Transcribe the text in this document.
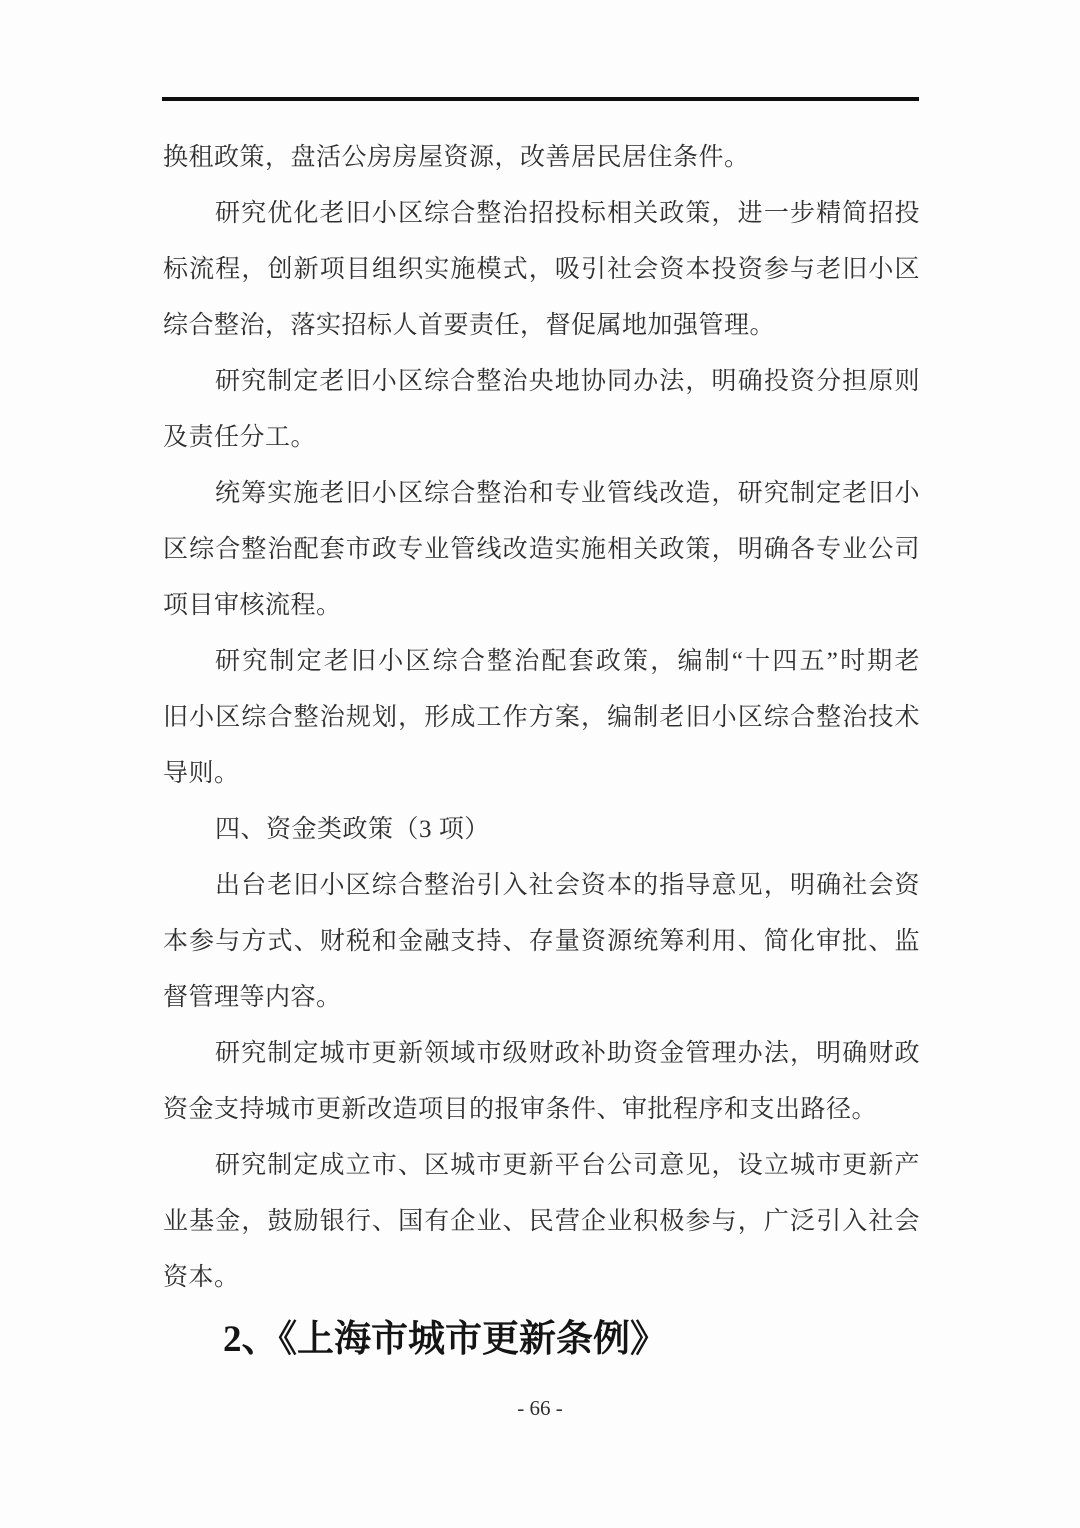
换租政策，盘活公房房屋资源，改善居民居住条件。
研究优化老旧小区综合整治招投标相关政策，进一步精简招投
标流程，创新项目组织实施模式，吸引社会资本投资参与老旧小区
综合整治，落实招标人首要责任，督促属地加强管理。
研究制定老旧小区综合整治央地协同办法，明确投资分担原则
及责任分工。
统筹实施老旧小区综合整治和专业管线改造，研究制定老旧小
区综合整治配套市政专业管线改造实施相关政策，明确各专业公司
项目审核流程。
研究制定老旧小区综合整治配套政策，编制“十四五”时期老
旧小区综合整治规划，形成工作方案，编制老旧小区综合整治技术
导则。
四、资金类政策（3 项）
出台老旧小区综合整治引入社会资本的指导意见，明确社会资
本参与方式、财税和金融支持、存量资源统筹利用、简化审批、监
督管理等内容。
研究制定城市更新领域市级财政补助资金管理办法，明确财政
资金支持城市更新改造项目的报审条件、审批程序和支出路径。
研究制定成立市、区城市更新平台公司意见，设立城市更新产
业基金，鼓励银行、国有企业、民营企业积极参与，广泛引入社会
资本。
2、《上海市城市更新条例》
- 66 -
